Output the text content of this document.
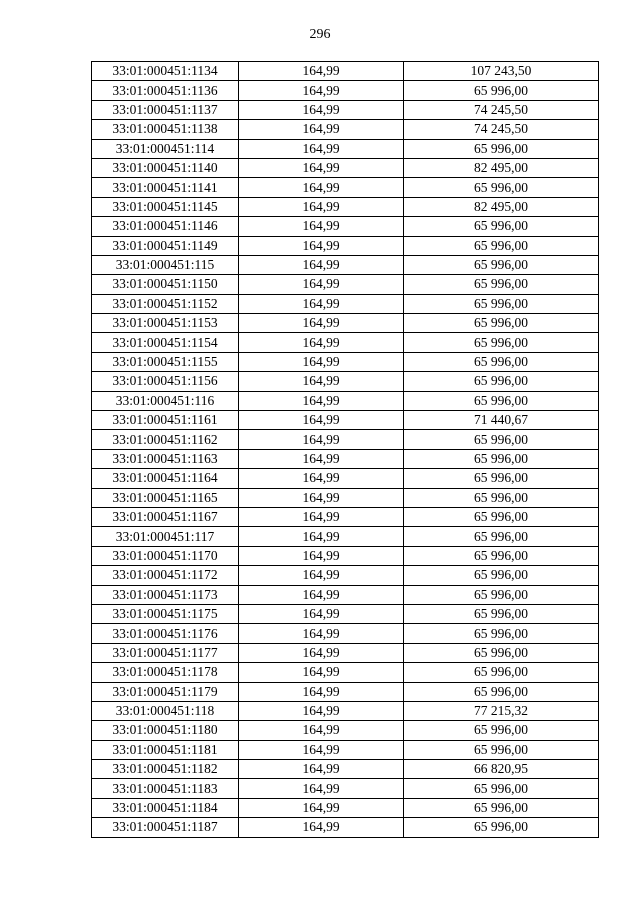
296
33:01:000451:1134	164,99	107 243,50
33:01:000451:1136	164,99	65 996,00
33:01:000451:1137	164,99	74 245,50
33:01:000451:1138	164,99	74 245,50
33:01:000451:114	164,99	65 996,00
33:01:000451:1140	164,99	82 495,00
33:01:000451:1141	164,99	65 996,00
33:01:000451:1145	164,99	82 495,00
33:01:000451:1146	164,99	65 996,00
33:01:000451:1149	164,99	65 996,00
33:01:000451:115	164,99	65 996,00
33:01:000451:1150	164,99	65 996,00
33:01:000451:1152	164,99	65 996,00
33:01:000451:1153	164,99	65 996,00
33:01:000451:1154	164,99	65 996,00
33:01:000451:1155	164,99	65 996,00
33:01:000451:1156	164,99	65 996,00
33:01:000451:116	164,99	65 996,00
33:01:000451:1161	164,99	71 440,67
33:01:000451:1162	164,99	65 996,00
33:01:000451:1163	164,99	65 996,00
33:01:000451:1164	164,99	65 996,00
33:01:000451:1165	164,99	65 996,00
33:01:000451:1167	164,99	65 996,00
33:01:000451:117	164,99	65 996,00
33:01:000451:1170	164,99	65 996,00
33:01:000451:1172	164,99	65 996,00
33:01:000451:1173	164,99	65 996,00
33:01:000451:1175	164,99	65 996,00
33:01:000451:1176	164,99	65 996,00
33:01:000451:1177	164,99	65 996,00
33:01:000451:1178	164,99	65 996,00
33:01:000451:1179	164,99	65 996,00
33:01:000451:118	164,99	77 215,32
33:01:000451:1180	164,99	65 996,00
33:01:000451:1181	164,99	65 996,00
33:01:000451:1182	164,99	66 820,95
33:01:000451:1183	164,99	65 996,00
33:01:000451:1184	164,99	65 996,00
33:01:000451:1187	164,99	65 996,00
